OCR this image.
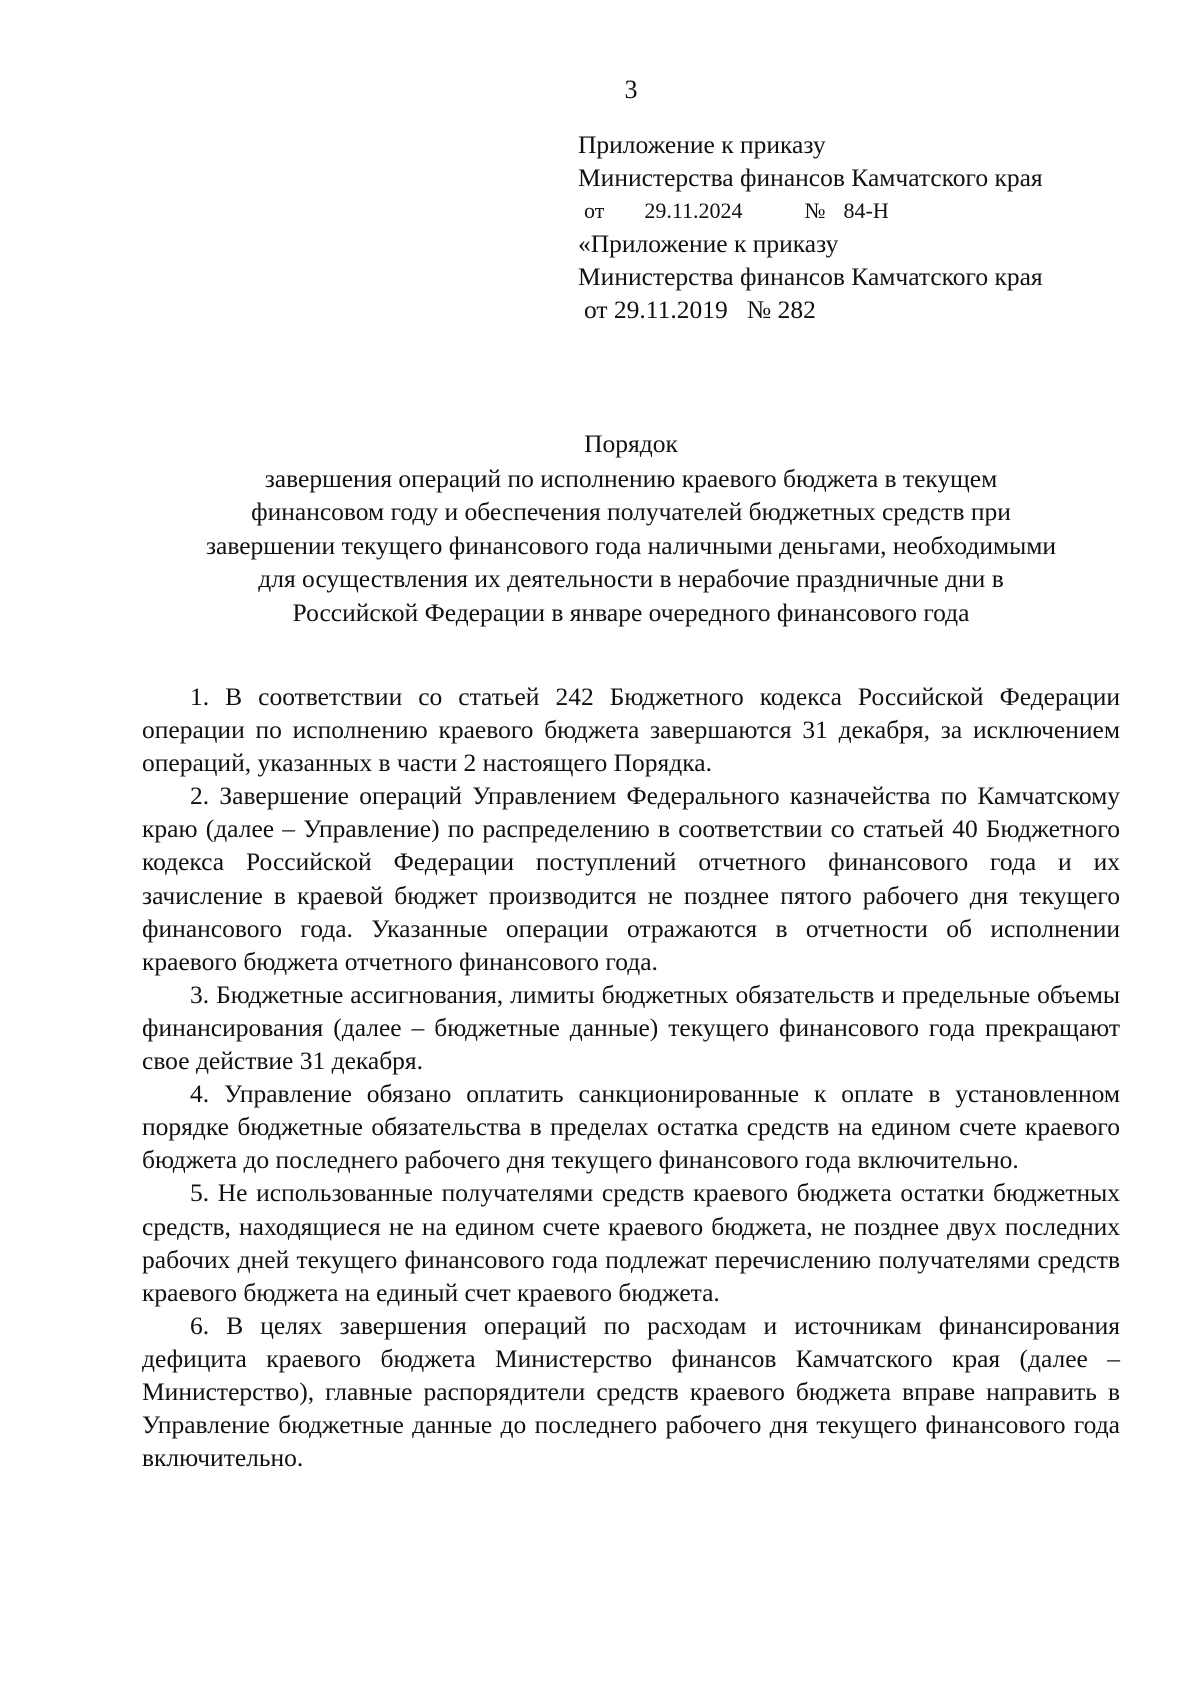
3
Приложение к приказу
Министерства финансов Камчатского края
от 29.11.2024	№ 84-Н
«Приложение к приказу
Министерства финансов Камчатского края
от 29.11.2019   № 282
Порядок
завершения операций по исполнению краевого бюджета в текущем
финансовом году и обеспечения получателей бюджетных средств при
завершении текущего финансового года наличными деньгами, необходимыми
для осуществления их деятельности в нерабочие праздничные дни в
Российской Федерации в январе очередного финансового года

1. В соответствии со статьей 242 Бюджетного кодекса Российской Федерации операции по исполнению краевого бюджета завершаются 31 декабря, за исключением операций, указанных в части 2 настоящего Порядка.

2. Завершение операций Управлением Федерального казначейства по Камчатскому краю (далее – Управление) по распределению в соответствии со статьей 40 Бюджетного кодекса Российской Федерации поступлений отчетного финансового года и их зачисление в краевой бюджет производится не позднее пятого рабочего дня текущего финансового года. Указанные операции отражаются в отчетности об исполнении краевого бюджета отчетного финансового года.

3. Бюджетные ассигнования, лимиты бюджетных обязательств и предельные объемы финансирования (далее – бюджетные данные) текущего финансового года прекращают свое действие 31 декабря.

4. Управление обязано оплатить санкционированные к оплате в установленном порядке бюджетные обязательства в пределах остатка средств на едином счете краевого бюджета до последнего рабочего дня текущего финансового года включительно.

5. Не использованные получателями средств краевого бюджета остатки бюджетных средств, находящиеся не на едином счете краевого бюджета, не позднее двух последних рабочих дней текущего финансового года подлежат перечислению получателями средств краевого бюджета на единый счет краевого бюджета.

6. В целях завершения операций по расходам и источникам финансирования дефицита краевого бюджета Министерство финансов Камчатского края (далее – Министерство), главные распорядители средств краевого бюджета вправе направить в Управление бюджетные данные до последнего рабочего дня текущего финансового года включительно.
